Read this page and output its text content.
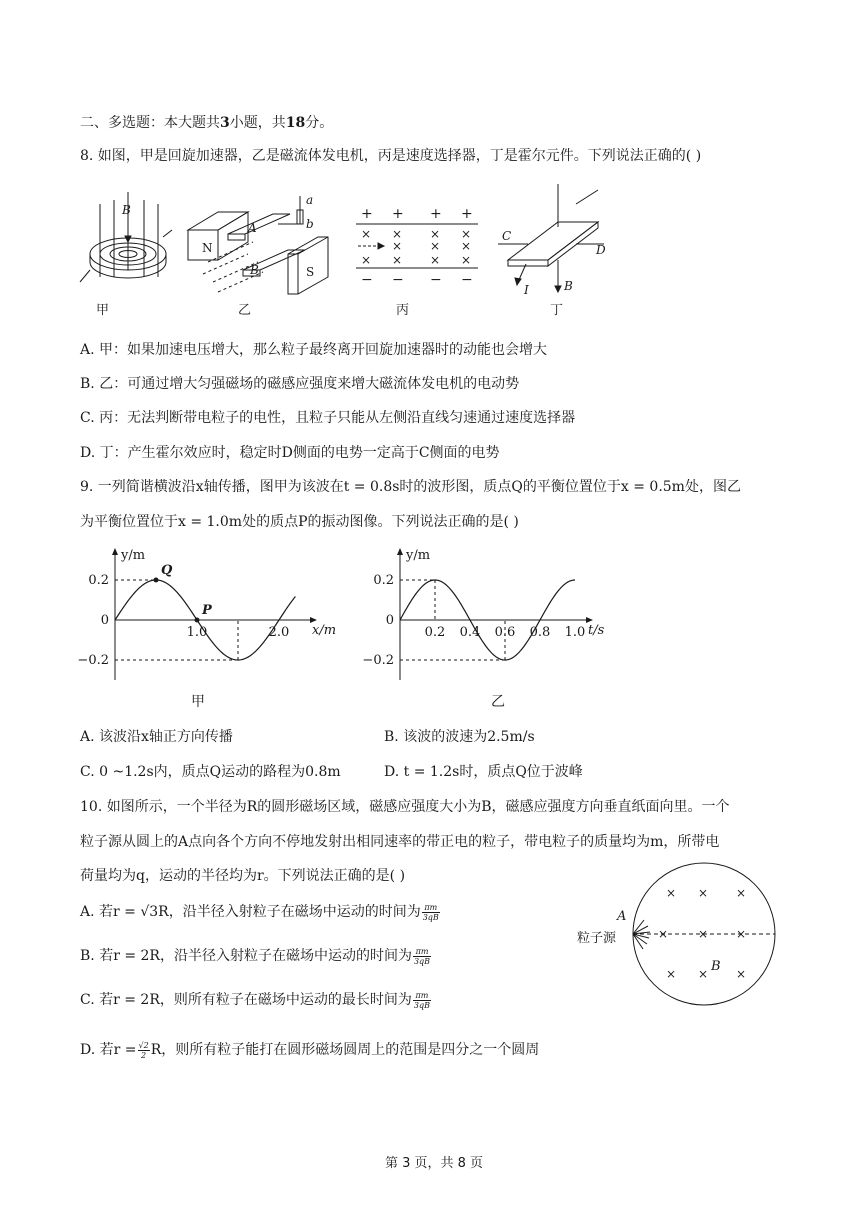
二、多选题：本大题共3小题，共18分。
8. 如图，甲是回旋加速器，乙是磁流体发电机，丙是速度选择器，丁是霍尔元件。下列说法正确的( )
B
甲
N
S
A
B
a
b
乙
+ + + +
× × × ×
× × ×
× × × ×
− − − −
丙
C
D
I	B
丁
A. 甲：如果加速电压增大，那么粒子最终离开回旋加速器时的动能也会增大
B. 乙：可通过增大匀强磁场的磁感应强度来增大磁流体发电机的电动势
C. 丙：无法判断带电粒子的电性，且粒子只能从左侧沿直线匀速通过速度选择器
D. 丁：产生霍尔效应时，稳定时D侧面的电势一定高于C侧面的电势
9. 一列简谐横波沿x轴传播，图甲为该波在t = 0.8s时的波形图，质点Q的平衡位置位于x = 0.5m处，图乙
为平衡位置位于x = 1.0m处的质点P的振动图像。下列说法正确的是( )
y/m
x/m
0.2
0
−0.2
1.0	2.0
Q
P
甲
y/m
t/s
0.2
0
−0.2
0.2 0.4 0.6 0.8 1.0
乙
A. 该波沿x轴正方向传播	B. 该波的波速为2.5m/s
C. 0 ~1.2s内，质点Q运动的路程为0.8m	D. t = 1.2s时，质点Q位于波峰
10. 如图所示，一个半径为R的圆形磁场区域，磁感应强度大小为B，磁感应强度方向垂直纸面向里。一个
粒子源从圆上的A点向各个方向不停地发射出相同速率的带正电的粒子，带电粒子的质量均为m，所带电
荷量均为q，运动的半径均为r。下列说法正确的是( )
A. 若r = √3R，沿半径入射粒子在磁场中运动的时间为 $\frac{\pi m}{3qB}$
B. 若r = 2R，沿半径入射粒子在磁场中运动的时间为 $\frac{\pi m}{3qB}$
C. 若r = 2R，则所有粒子在磁场中运动的最长时间为 $\frac{\pi m}{3qB}$
D. 若$r = \frac{√2}{2}$ R，则所有粒子能打在圆形磁场圆周上的范围是四分之一个圆周
× × ×
× × ×
× × ×
A
粒子源
B
第 3 页，共 8 页
